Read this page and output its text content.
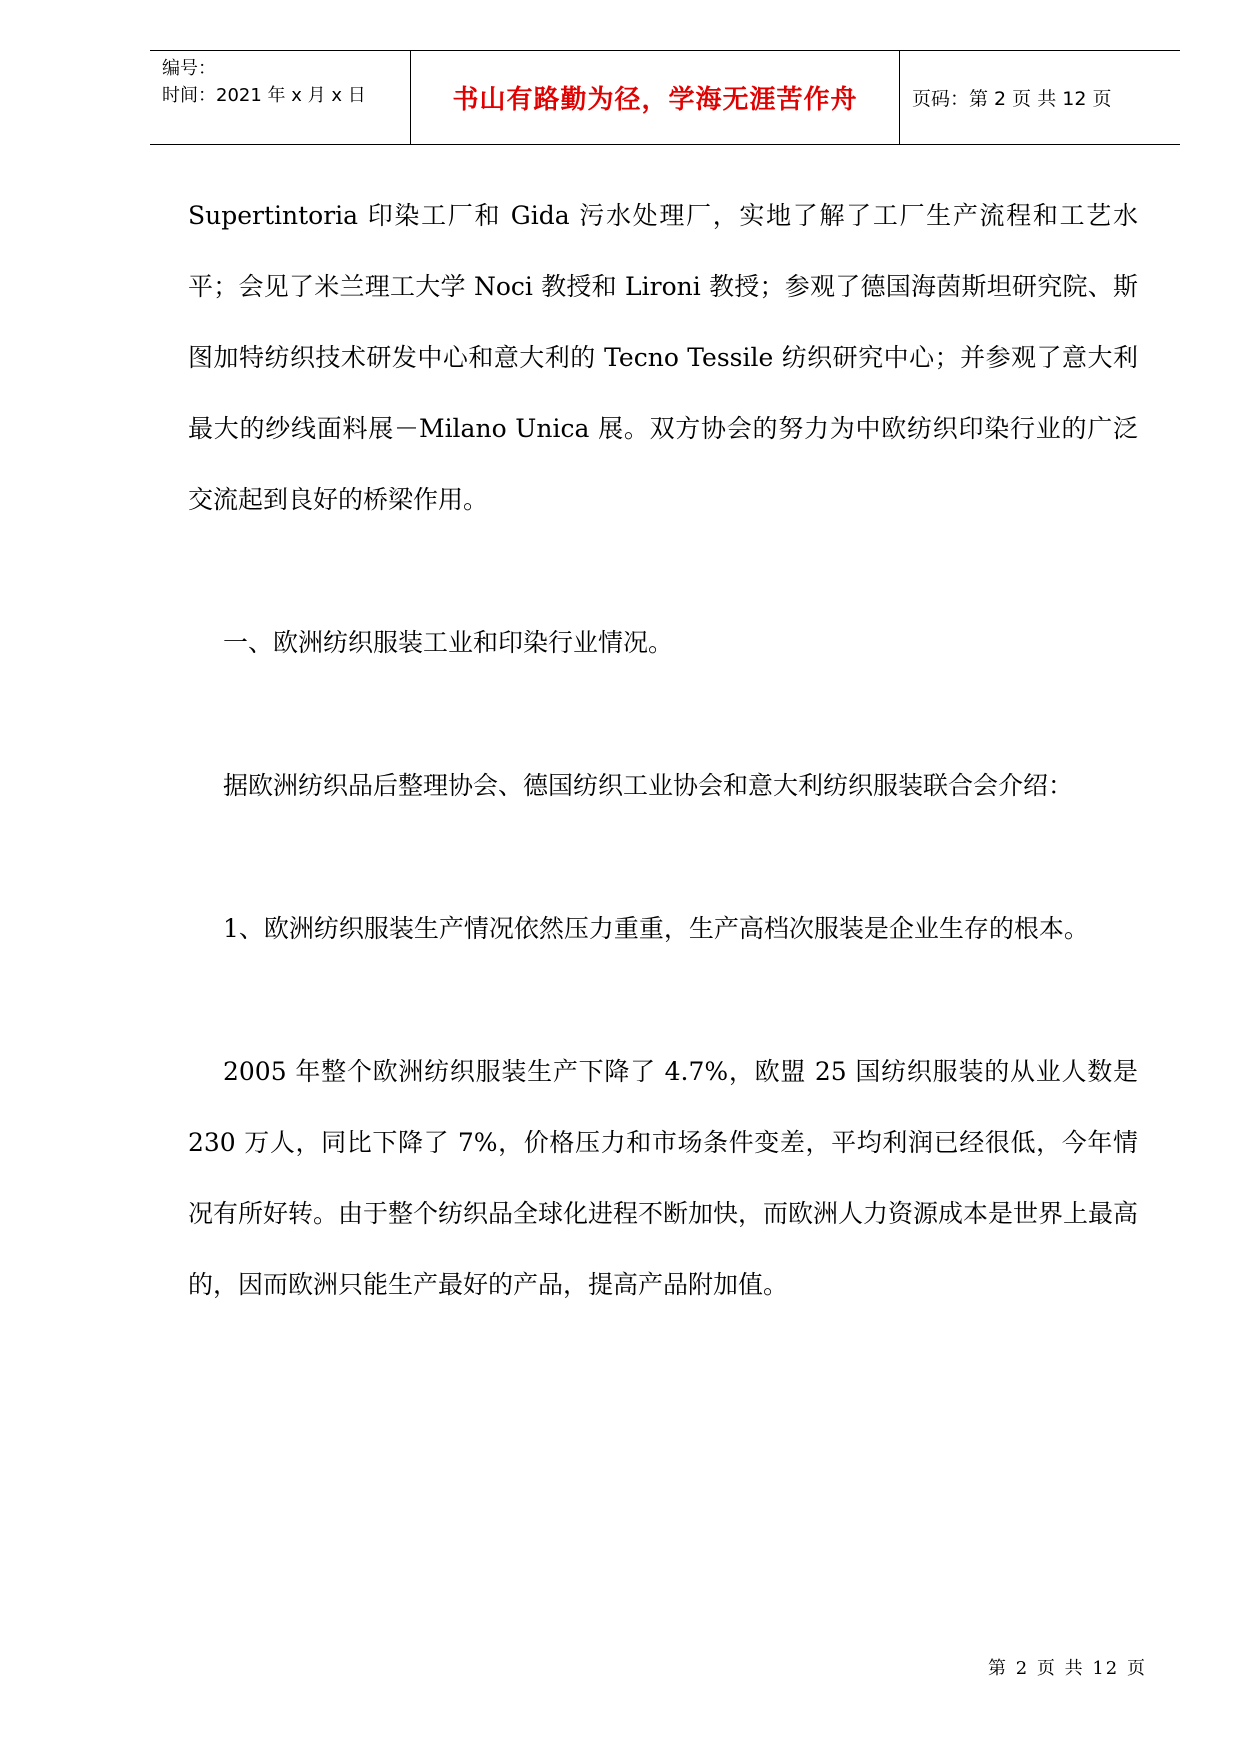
编号：
时间：2021 年 x 月 x 日	书山有路勤为径，学海无涯苦作舟	页码：第 2 页 共 12 页

Supertintoria 印染工厂和 Gida 污水处理厂，实地了解了工厂生产流程和工艺水平；会见了米兰理工大学 Noci 教授和 Lironi 教授；参观了德国海茵斯坦研究院、斯图加特纺织技术研发中心和意大利的 Tecno Tessile 纺织研究中心；并参观了意大利最大的纱线面料展－Milano Unica 展。双方协会的努力为中欧纺织印染行业的广泛交流起到良好的桥梁作用。

一、欧洲纺织服装工业和印染行业情况。

据欧洲纺织品后整理协会、德国纺织工业协会和意大利纺织服装联合会介绍：

1、欧洲纺织服装生产情况依然压力重重，生产高档次服装是企业生存的根本。

2005 年整个欧洲纺织服装生产下降了 4.7%，欧盟 25 国纺织服装的从业人数是 230 万人，同比下降了 7%，价格压力和市场条件变差，平均利润已经很低，今年情况有所好转。由于整个纺织品全球化进程不断加快，而欧洲人力资源成本是世界上最高的，因而欧洲只能生产最好的产品，提高产品附加值。

第 2 页 共 12 页
